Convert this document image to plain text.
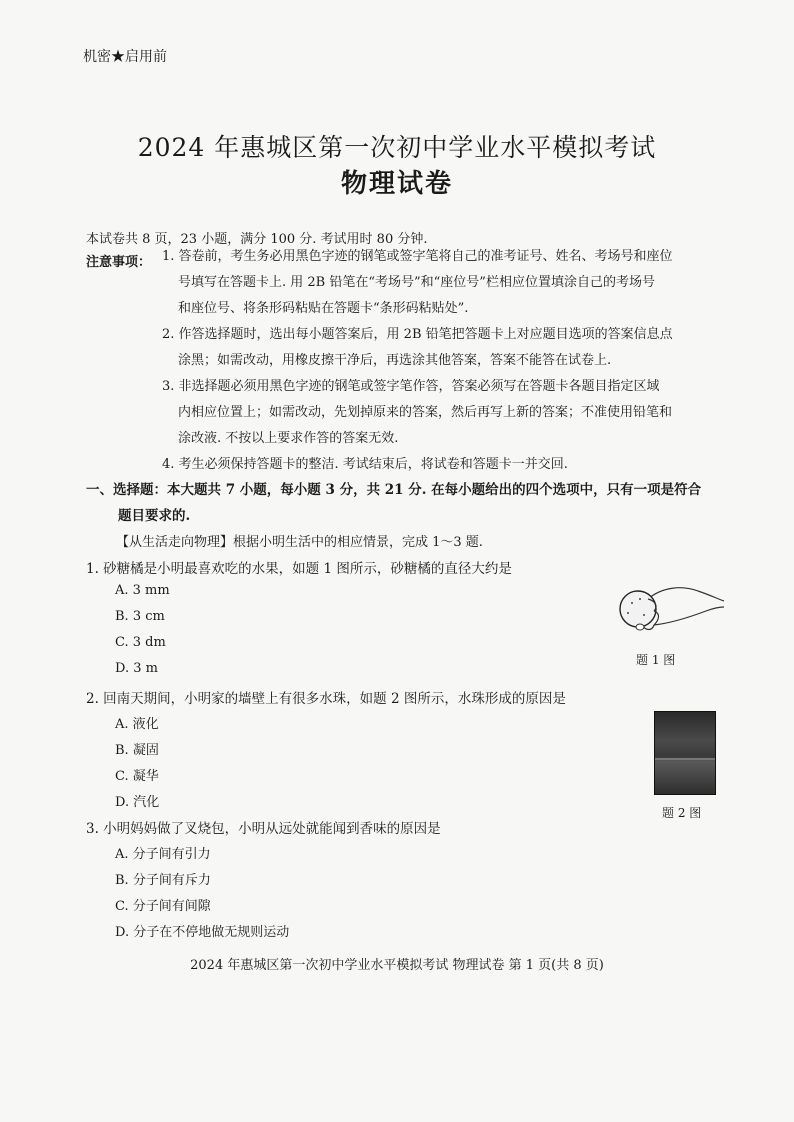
机密★启用前
2024 年惠城区第一次初中学业水平模拟考试
物理试卷
本试卷共 8 页，23 小题，满分 100 分. 考试用时 80 分钟.
注意事项： 1. 答卷前，考生务必用黑色字迹的钢笔或签字笔将自己的准考证号、姓名、考场号和座位
号填写在答题卡上. 用 2B 铅笔在“考场号”和“座位号”栏相应位置填涂自己的考场号
和座位号、将条形码粘贴在答题卡“条形码粘贴处”.
2. 作答选择题时，选出每小题答案后，用 2B 铅笔把答题卡上对应题目选项的答案信息点
涂黑；如需改动，用橡皮擦干净后，再选涂其他答案，答案不能答在试卷上.
3. 非选择题必须用黑色字迹的钢笔或签字笔作答，答案必须写在答题卡各题目指定区域
内相应位置上；如需改动，先划掉原来的答案，然后再写上新的答案；不准使用铅笔和
涂改液. 不按以上要求作答的答案无效.
4. 考生必须保持答题卡的整洁. 考试结束后，将试卷和答题卡一并交回.
一、选择题：本大题共 7 小题，每小题 3 分，共 21 分. 在每小题给出的四个选项中，只有一项是符合
题目要求的.
【从生活走向物理】根据小明生活中的相应情景，完成 1～3 题.
1. 砂糖橘是小明最喜欢吃的水果，如题 1 图所示，砂糖橘的直径大约是
A. 3 mm
B. 3 cm
C. 3 dm
D. 3 m
题 1 图
2. 回南天期间，小明家的墙壁上有很多水珠，如题 2 图所示，水珠形成的原因是
A. 液化
B. 凝固
C. 凝华
D. 汽化
题 2 图
3. 小明妈妈做了叉烧包，小明从远处就能闻到香味的原因是
A. 分子间有引力
B. 分子间有斥力
C. 分子间有间隙
D. 分子在不停地做无规则运动
2024 年惠城区第一次初中学业水平模拟考试 物理试卷 第 1 页(共 8 页)
